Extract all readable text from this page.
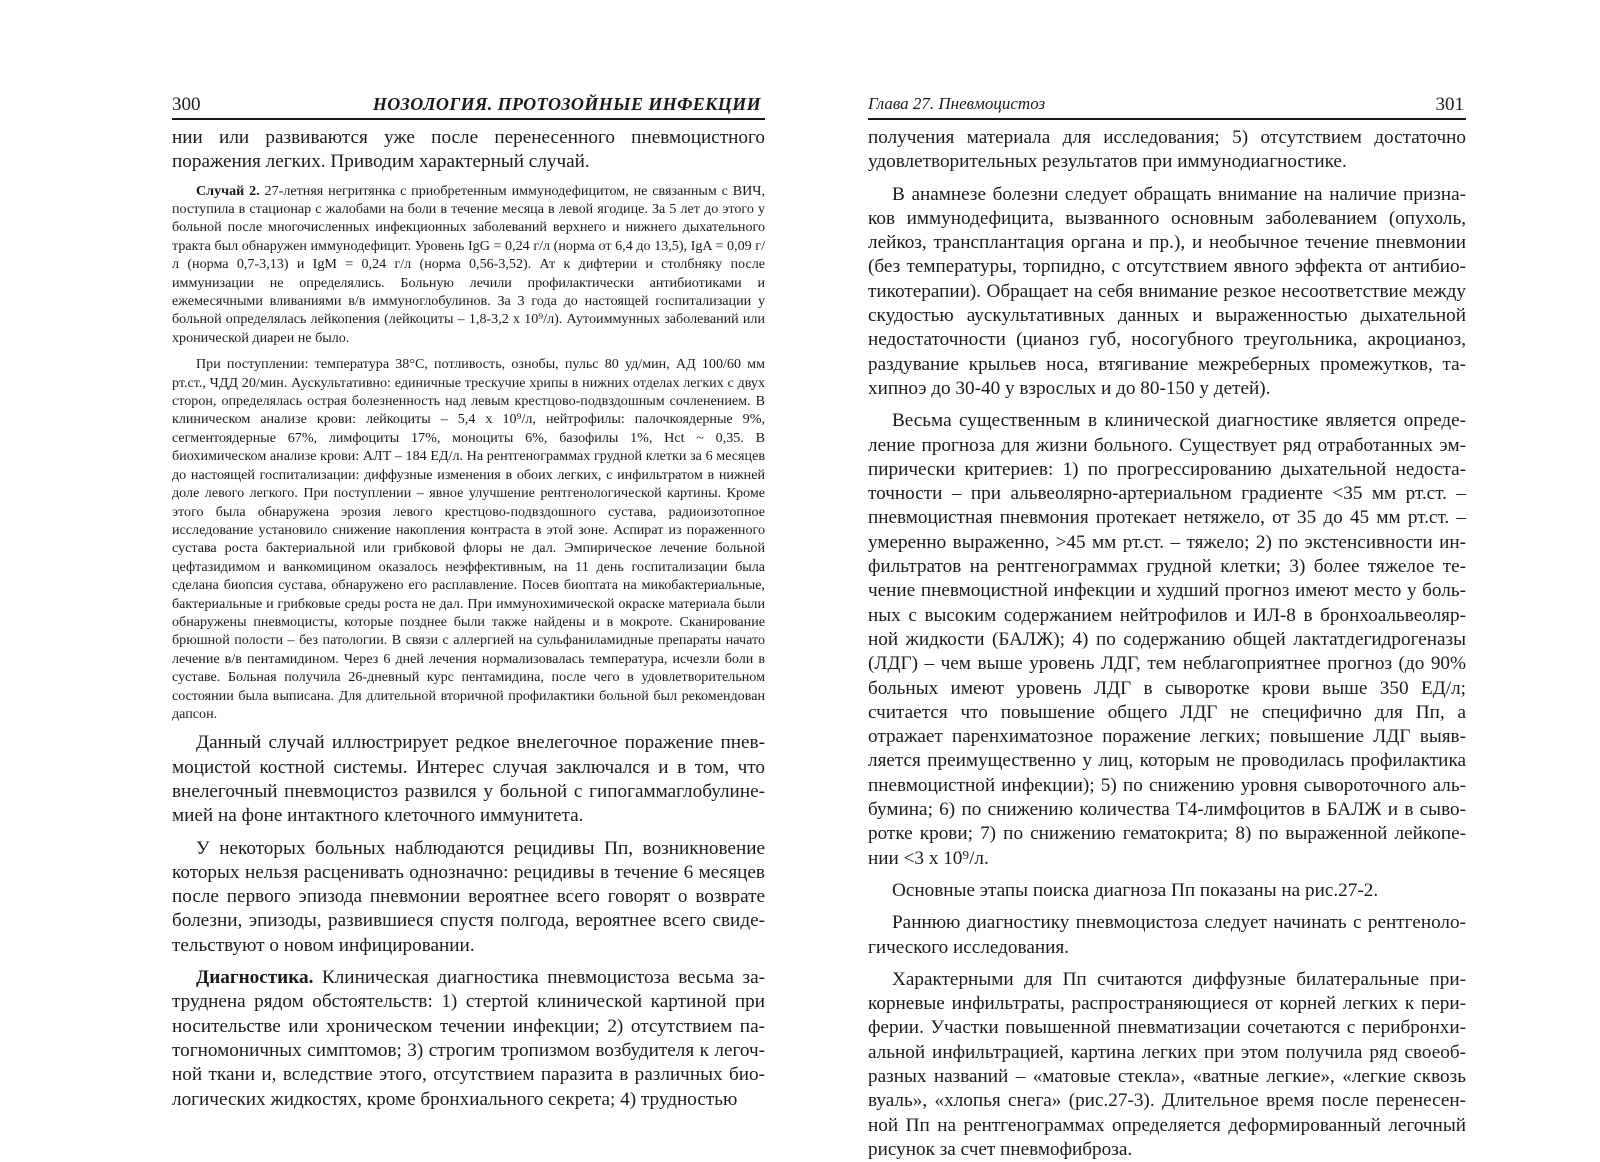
300	НОЗОЛОГИЯ. ПРОТОЗОЙНЫЕ ИНФЕКЦИИ

нии или развиваются уже после перенесенного пневмоцистного поражения легких. Приводим характерный случай.

Случай 2. 27-летняя негритянка с приобретенным иммунодефицитом, не связанным с ВИЧ, поступила в стационар с жалобами на боли в течение месяца в левой ягодице. За 5 лет до этого у больной после многочисленных инфекционных заболеваний верхнего и нижнего дыхательного тракта был обнаружен иммунодефицит. Уровень IgG = 0,24 г/л (норма от 6,4 до 13,5), IgA = 0,09 г/л (норма 0,7-3,13) и IgM = 0,24 г/л (норма 0,56-3,52). Ат к дифтерии и столбняку после иммунизации не определялись. Больную лечили профилактически антибиотиками и ежемесячными вливаниями в/в иммуноглобулинов. За 3 года до настоящей госпитализации у больной определялась лейкопения (лейкоциты – 1,8-3,2 х 10⁹/л). Аутоиммунных заболеваний или хронической диареи не было.

При поступлении: температура 38°С, потливость, ознобы, пульс 80 уд/мин, АД 100/60 мм рт.ст., ЧДД 20/мин. Аускультативно: единичные трескучие хрипы в нижних отделах легких с двух сторон, определялась острая болезненность над левым крестцово-подвздошным сочленением. В клиническом анализе крови: лейкоциты – 5,4 х 10⁹/л, нейтрофилы: палочкоядерные 9%, сегментоядерные 67%, лимфоциты 17%, моноциты 6%, базофилы 1%, Hct ~ 0,35. В биохимическом анализе крови: АЛТ – 184 ЕД/л. На рентгенограммах грудной клетки за 6 месяцев до настоящей госпитализации: диффузные изменения в обоих легких, с инфильтратом в нижней доле левого легкого. При поступлении – явное улучшение рентгенологической картины. Кроме этого была обнаружена эрозия левого крестцово-подвздошного сустава, радиоизотопное исследование установило снижение накопления контраста в этой зоне. Аспират из пораженного сустава роста бактериальной или грибковой флоры не дал. Эмпирическое лечение больной цефтазидимом и ванкомицином оказалось неэффективным, на 11 день госпитализации была сделана биопсия сустава, обнаружено его расплавление. Посев биоптата на микобактериальные, бактериальные и грибковые среды роста не дал. При иммунохимической окраске материала были обнаружены пневмоцисты, которые позднее были также найдены и в мокроте. Сканирование брюшной полости – без патологии. В связи с аллергией на сульфаниламидные препараты начато лечение в/в пентамидином. Через 6 дней лечения нормализовалась температура, исчезли боли в суставе. Больная получила 26-дневный курс пентамидина, после чего в удовлетворительном состоянии была выписана. Для длительной вторичной профилактики больной был рекомендован дапсон.

Данный случай иллюстрирует редкое внелегочное поражение пневмоцистой костной системы. Интерес случая заключался и в том, что внелегочный пневмоцистоз развился у больной с гипогаммаглобулинемией на фоне интактного клеточного иммунитета.

У некоторых больных наблюдаются рецидивы Пп, возникновение которых нельзя расценивать однозначно: рецидивы в течение 6 месяцев после первого эпизода пневмонии вероятнее всего говорят о возврате болезни, эпизоды, развившиеся спустя полгода, вероятнее всего свидетельствуют о новом инфицировании.

Диагностика. Клиническая диагностика пневмоцистоза весьма затруднена рядом обстоятельств: 1) стертой клинической картиной при носительстве или хроническом течении инфекции; 2) отсутствием патогномоничных симптомов; 3) строгим тропизмом возбудителя к легочной ткани и, вследствие этого, отсутствием паразита в различных биологических жидкостях, кроме бронхиального секрета; 4) трудностью

Глава 27. Пневмоцистоз	301

получения материала для исследования; 5) отсутствием достаточно удовлетворительных результатов при иммунодиагностике.

В анамнезе болезни следует обращать внимание на наличие признаков иммунодефицита, вызванного основным заболеванием (опухоль, лейкоз, трансплантация органа и пр.), и необычное течение пневмонии (без температуры, торпидно, с отсутствием явного эффекта от антибиотикотерапии). Обращает на себя внимание резкое несоответствие между скудостью аускультативных данных и выраженностью дыхательной недостаточности (цианоз губ, носогубного треугольника, акроцианоз, раздувание крыльев носа, втягивание межреберных промежутков, тахипноэ до 30-40 у взрослых и до 80-150 у детей).

Весьма существенным в клинической диагностике является определение прогноза для жизни больного. Существует ряд отработанных эмпирически критериев: 1) по прогрессированию дыхательной недостаточности – при альвеолярно-артериальном градиенте <35 мм рт.ст. – пневмоцистная пневмония протекает нетяжело, от 35 до 45 мм рт.ст. – умеренно выраженно, >45 мм рт.ст. – тяжело; 2) по экстенсивности инфильтратов на рентгенограммах грудной клетки; 3) более тяжелое течение пневмоцистной инфекции и худший прогноз имеют место у больных с высоким содержанием нейтрофилов и ИЛ-8 в бронхоальвеолярной жидкости (БАЛЖ); 4) по содержанию общей лактатдегидрогеназы (ЛДГ) – чем выше уровень ЛДГ, тем неблагоприятнее прогноз (до 90% больных имеют уровень ЛДГ в сыворотке крови выше 350 ЕД/л; считается что повышение общего ЛДГ не специфично для Пп, а отражает паренхиматозное поражение легких; повышение ЛДГ выявляется преимущественно у лиц, которым не проводилась профилактика пневмоцистной инфекции); 5) по снижению уровня сывороточного альбумина; 6) по снижению количества Т4-лимфоцитов в БАЛЖ и в сыворотке крови; 7) по снижению гематокрита; 8) по выраженной лейкопении <3 х 10⁹/л.

Основные этапы поиска диагноза Пп показаны на рис.27-2.

Раннюю диагностику пневмоцистоза следует начинать с рентгенологического исследования.

Характерными для Пп считаются диффузные билатеральные прикорневые инфильтраты, распространяющиеся от корней легких к периферии. Участки повышенной пневматизации сочетаются с перибронхиальной инфильтрацией, картина легких при этом получила ряд своеобразных названий – «матовые стекла», «ватные легкие», «легкие сквозь вуаль», «хлопья снега» (рис.27-3). Длительное время после перенесенной Пп на рентгенограммах определяется деформированный легочный рисунок за счет пневмофиброза.
